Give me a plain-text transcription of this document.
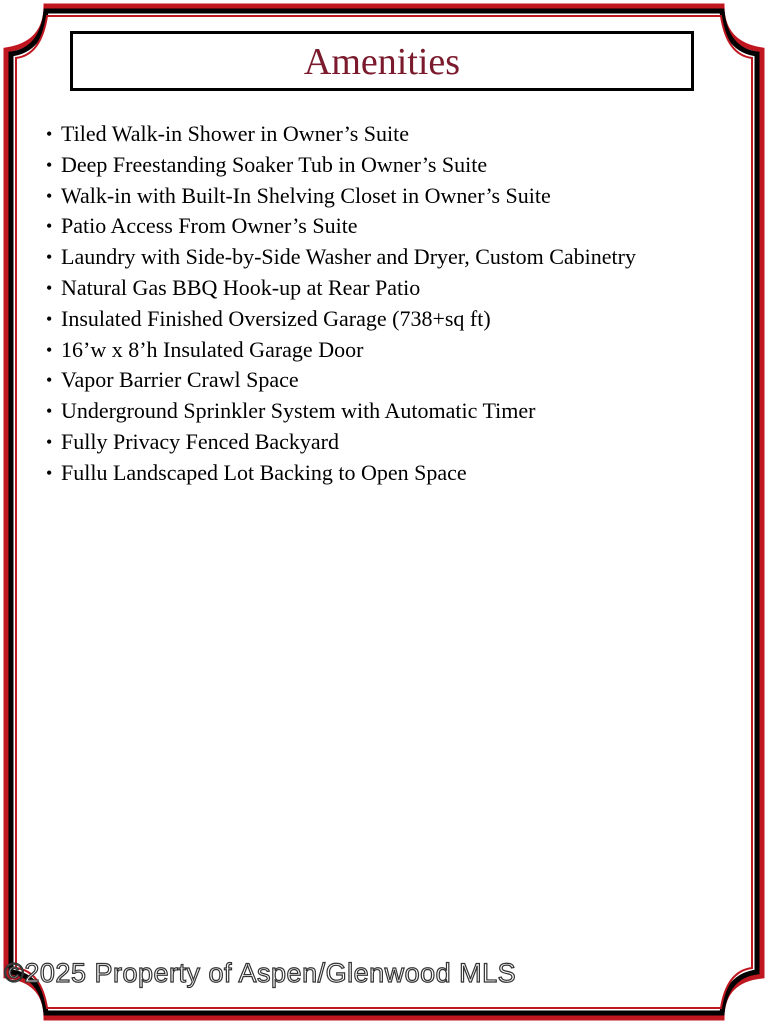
Amenities
• Tiled Walk-in Shower in Owner’s Suite
• Deep Freestanding Soaker Tub in Owner’s Suite
• Walk-in with Built-In Shelving Closet in Owner’s Suite
• Patio Access From Owner’s Suite
• Laundry with Side-by-Side Washer and Dryer, Custom Cabinetry
• Natural Gas BBQ Hook-up at Rear Patio
• Insulated Finished Oversized Garage (738+sq ft)
• 16’w x 8’h Insulated Garage Door
• Vapor Barrier Crawl Space
• Underground Sprinkler System with Automatic Timer
• Fully Privacy Fenced Backyard
• Fullu Landscaped Lot Backing to Open Space
©2025 Property of Aspen/Glenwood MLS
